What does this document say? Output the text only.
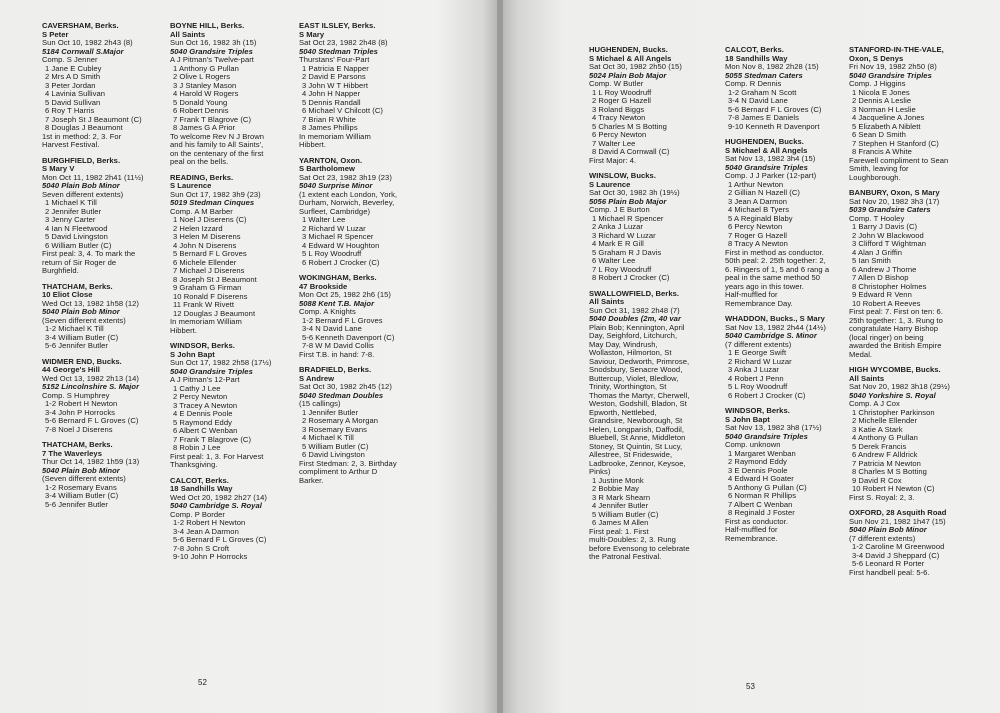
CAVERSHAM, Berks.
S Peter
Sun Oct 10, 1982 2h43 (8)
5184 Cornwall S.Major
Comp. S Jenner
1 Jane E Cubley
2 Mrs A D Smith
3 Peter Jordan
4 Lavinia Sullivan
5 David Sullivan
6 Roy T Harris
7 Joseph St J Beaumont (C)
8 Douglas J Beaumont
1st in method: 2, 3. For
Harvest Festival.
BURGHFIELD, Berks.
S Mary V
Mon Oct 11, 1982 2h41 (11½)
5040 Plain Bob Minor
Seven different extents)
1 Michael K Till
2 Jennifer Butler
3 Jenny Carter
4 Ian N Fleetwood
5 David Livingston
6 William Butler (C)
First peal: 3, 4. To mark the
return of Sir Roger de
Burghfield.
THATCHAM, Berks.
10 Eliot Close
Wed Oct 13, 1982 1h58 (12)
5040 Plain Bob Minor
(Seven different extents)
1-2 Michael K Till
3-4 William Butler (C)
5-6 Jennifer Butler
WIDMER END, Bucks.
44 George's Hill
Wed Oct 13, 1982 2h13 (14)
5152 Lincolnshire S. Major
Comp. S Humphrey
1-2 Robert H Newton
3-4 John P Horrocks
5-6 Bernard F L Groves (C)
7-8 Noel J Diserens
THATCHAM, Berks.
7 The Waverleys
Thur Oct 14, 1982 1h59 (13)
5040 Plain Bob Minor
(Seven different extents)
1-2 Rosemary Evans
3-4 William Butler (C)
5-6 Jennifer Butler
BOYNE HILL, Berks.
All Saints
Sun Oct 16, 1982 3h (15)
5040 Grandsire Triples
A J Pitman's Twelve-part
1 Anthony G Pullan
2 Olive L Rogers
3 J Stanley Mason
4 Harold W Rogers
5 Donald Young
6 Robert Dennis
7 Frank T Blagrove (C)
8 James G A Prior
To welcome Rev N J Brown
and his family to All Saints',
on the centenary of the first
peal on the bells.
READING, Berks.
S Laurence
Sun Oct 17, 1982 3h9 (23)
5019 Stedman Cinques
Comp. A M Barber
1 Noel J Diserens (C)
2 Helen Izzard
3 Helen M Diserens
4 John N Diserens
5 Bernard F L Groves
6 Michele Ellender
7 Michael J Diserens
8 Joseph St J Beaumont
9 Graham G Firman
10 Ronald F Diserens
11 Frank W Rivett
12 Douglas J Beaumont
In memoriam William
Hibbert.
WINDSOR, Berks.
S John Bapt
Sun Oct 17, 1982 2h58 (17½)
5040 Grandsire Triples
A J Pitman's 12-Part
1 Cathy J Lee
2 Percy Newton
3 Tracey A Newton
4 E Dennis Poole
5 Raymond Eddy
6 Albert C Wenban
7 Frank T Blagrove (C)
8 Robin J Lee
First peal: 1, 3. For Harvest
Thanksgiving.
CALCOT, Berks.
18 Sandhills Way
Wed Oct 20, 1982 2h27 (14)
5040 Cambridge S. Royal
Comp. P Border
1-2 Robert H Newton
3-4 Jean A Darmon
5-6 Bernard F L Groves (C)
7-8 John S Croft
9-10 John P Horrocks
EAST ILSLEY, Berks.
S Mary
Sat Oct 23, 1982 2h48 (8)
5040 Stedman Triples
Thurstans' Four-Part
1 Patricia E Napper
2 David E Parsons
3 John W T Hibbert
4 John H Napper
5 Dennis Randall
6 Michael V Chilcott (C)
7 Brian R White
8 James Phillips
In memoriam William
Hibbert.
YARNTON, Oxon.
S Bartholomew
Sat Oct 23, 1982 3h19 (23)
5040 Surprise Minor
(1 extent each London, York,
Durham, Norwich, Beverley,
Surfleet, Cambridge)
1 Walter Lee
2 Richard W Luzar
3 Michael R Spencer
4 Edward W Houghton
5 L Roy Woodruff
6 Robert J Crocker (C)
WOKINGHAM, Berks.
47 Brookside
Mon Oct 25, 1982 2h6 (15)
5088 Kent T.B. Major
Comp. A Knights
1-2 Bernard F L Groves
3-4 N David Lane
5-6 Kenneth Davenport (C)
7-8 W M David Collis
First T.B. in hand: 7-8.
BRADFIELD, Berks.
S Andrew
Sat Oct 30, 1982 2h45 (12)
5040 Stedman Doubles
(15 callings)
1 Jennifer Butler
2 Rosemary A Morgan
3 Rosemary Evans
4 Michael K Till
5 William Butler (C)
6 David Livingston
First Stedman: 2, 3. Birthday
compliment to Arthur D
Barker.
52
HUGHENDEN, Bucks.
S Michael & All Angels
Sat Oct 30, 1982 2h50 (15)
5024 Plain Bob Major
Comp. W Butler
1 L Roy Woodruff
2 Roger G Hazell
3 Roland Biggs
4 Tracy Newton
5 Charles M S Botting
6 Percy Newton
7 Walter Lee
8 David A Cornwall (C)
First Major: 4.
WINSLOW, Bucks.
S Laurence
Sat Oct 30, 1982 3h (19½)
5056 Plain Bob Major
Comp. J E Burton
1 Michael R Spencer
2 Anka J Luzar
3 Richard W Luzar
4 Mark E R Gill
5 Graham R J Davis
6 Walter Lee
7 L Roy Woodruff
8 Robert J Crocker (C)
SWALLOWFIELD, Berks.
All Saints
Sun Oct 31, 1982 2h48 (7)
5040 Doubles (2m, 40 var
Plain Bob; Kennington, April
Day, Seighford, Litchurch,
May Day, Windrush,
Wollaston, Hilmorton, St
Saviour, Dedworth, Primrose,
Snodsbury, Senacre Wood,
Buttercup, Violet, Bledlow,
Trinity, Worthington, St
Thomas the Martyr, Cherwell,
Weston, Godshill, Bladon, St
Epworth, Nettlebed,
Grandsire, Newborough, St
Helen, Longparish, Daffodil,
Bluebell, St Anne, Middleton
Stoney, St Quintin, St Lucy,
Allestree, St Frideswide,
Ladbrooke, Zennor, Keysoe,
Pinks)
1 Justine Monk
2 Bobbie May
3 R Mark Shearn
4 Jennifer Butler
5 William Butler (C)
6 James M Allen
First peal: 1. First
multi-Doubles: 2, 3. Rung
before Evensong to celebrate
the Patronal Festival.
CALCOT, Berks.
18 Sandhills Way
Mon Nov 8, 1982 2h28 (15)
5055 Stedman Caters
Comp. R Dennis
1-2 Graham N Scott
3-4 N David Lane
5-6 Bernard F L Groves (C)
7-8 James E Daniels
9-10 Kenneth R Davenport
HUGHENDEN, Bucks.
S Michael & All Angels
Sat Nov 13, 1982 3h4 (15)
5040 Grandsire Triples
Comp. J J Parker (12-part)
1 Arthur Newton
2 Gillian N Hazell (C)
3 Jean A Darmon
4 Michael B Tyers
5 A Reginald Blaby
6 Percy Newton
7 Roger G Hazell
8 Tracy A Newton
First in method as conductor.
50th peal: 2. 25th together: 2,
6. Ringers of 1, 5 and 6 rang a
peal in the same method 50
years ago in this tower.
Half-muffled for
Remembrance Day.
WHADDON, Bucks., S Mary
Sat Nov 13, 1982 2h44 (14½)
5040 Cambridge S. Minor
(7 different extents)
1 E George Swift
2 Richard W Luzar
3 Anka J Luzar
4 Robert J Penn
5 L Roy Woodruff
6 Robert J Crocker (C)
WINDSOR, Berks.
S John Bapt
Sat Nov 13, 1982 3h8 (17½)
5040 Grandsire Triples
Comp. unknown
1 Margaret Wenban
2 Raymond Eddy
3 E Dennis Poole
4 Edward H Goater
5 Anthony G Pullan (C)
6 Norman R Phillips
7 Albert C Wenban
8 Reginald J Foster
First as conductor.
Half-muffled for
Remembrance.
STANFORD-IN-THE-VALE,
Oxon, S Denys
Fri Nov 19, 1982 2h50 (8)
5040 Grandsire Triples
Comp. J Higgins
1 Nicola E Jones
2 Dennis A Leslie
3 Norman H Leslie
4 Jacqueline A Jones
5 Elizabeth A Niblett
6 Sean D Smith
7 Stephen H Stanford (C)
8 Francis A White
Farewell compliment to Sean
Smith, leaving for
Loughborough.
BANBURY, Oxon, S Mary
Sat Nov 20, 1982 3h3 (17)
5039 Grandsire Caters
Comp. T Hooley
1 Barry J Davis (C)
2 John W Blackwood
3 Clifford T Wightman
4 Alan J Griffin
5 Ian Smith
6 Andrew J Thorne
7 Allen D Bishop
8 Christopher Holmes
9 Edward R Venn
10 Robert A Reeves
First peal: 7. First on ten: 6.
25th together: 1, 3. Rung to
congratulate Harry Bishop
(local ringer) on being
awarded the British Empire
Medal.
HIGH WYCOMBE, Bucks.
All Saints
Sat Nov 20, 1982 3h18 (29½)
5040 Yorkshire S. Royal
Comp. A J Cox
1 Christopher Parkinson
2 Michelle Ellender
3 Katie A Stark
4 Anthony G Pullan
5 Derek Francis
6 Andrew F Alldrick
7 Patricia M Newton
8 Charles M S Botting
9 David R Cox
10 Robert H Newton (C)
First S. Royal: 2, 3.
OXFORD, 28 Asquith Road
Sun Nov 21, 1982 1h47 (15)
5040 Plain Bob Minor
(7 different extents)
1-2 Caroline M Greenwood
3-4 David J Sheppard (C)
5-6 Leonard R Porter
First handbell peal: 5-6.
53
